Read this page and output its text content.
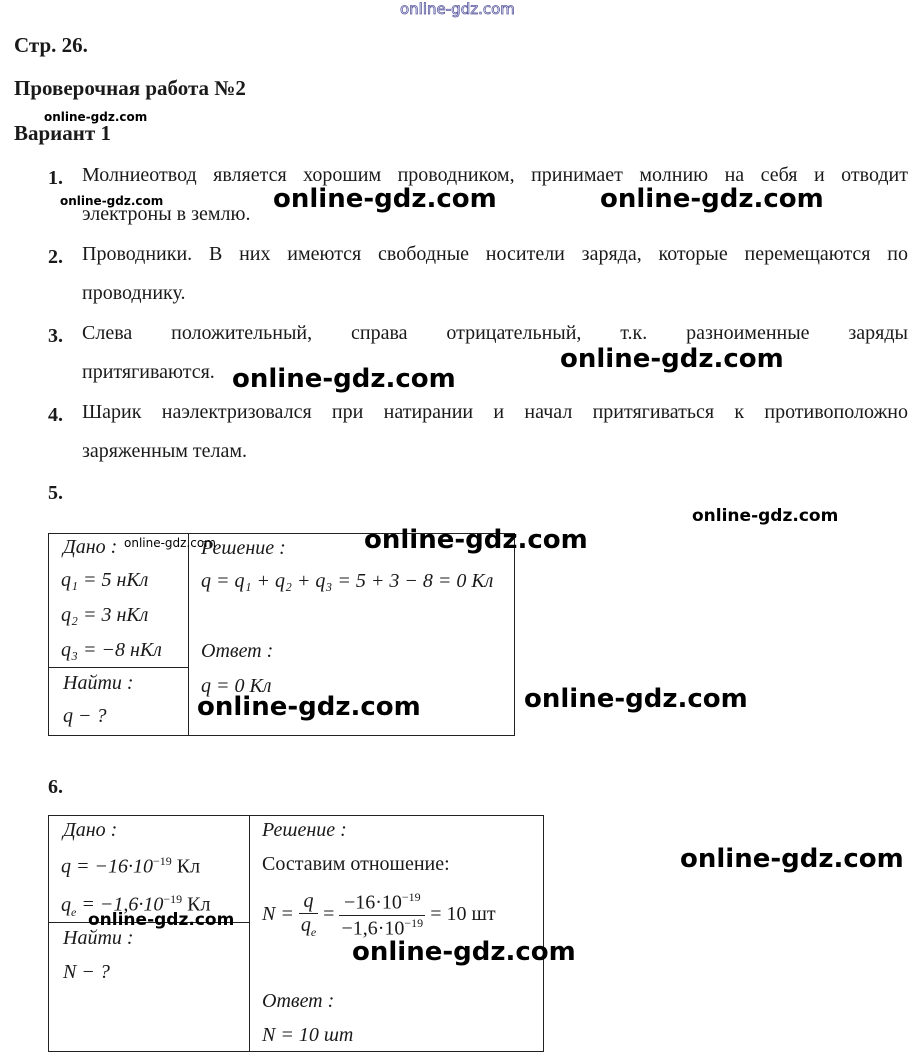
online-gdz.com
Стр. 26.
Проверочная работа №2
Вариант 1
1. Молниеотвод является хорошим проводником, принимает молнию на себя и отводит
электроны в землю.
2. Проводники. В них имеются свободные носители заряда, которые перемещаются по
проводнику.
3. Слева положительный, справа отрицательный, т.к. разноименные заряды
притягиваются.
4. Шарик наэлектризовался при натирании и начал притягиваться к противоположно
заряженным телам.
5.
Дано :
q₁ = 5 нКл
q₂ = 3 нКл
q₃ = −8 нКл
Найти :
q − ?
Решение :
q = q₁ + q₂ + q₃ = 5 + 3 − 8 = 0 Кл
Ответ :
q = 0 Кл
6.
Дано :
$q = -16\cdot 10^{-19}$ Кл
$q_e = -1,6\cdot 10^{-19}$ Кл
Найти :
N − ?
Решение :
Составим отношение:
$N = \frac{q}{q_e} = \frac{-16\cdot 10^{-19}}{-1,6\cdot 10^{-19}} = 10$ шт
Ответ :
N = 10 шт
online-gdz.com
online-gdz.com	online-gdz.com	online-gdz.com
online-gdz.com
online-gdz.com
online-gdz.com
online-gdz.com	online-gdz.com
online-gdz.com
online-gdz.com
online-gdz.com
online-gdz.com
online-gdz.com
